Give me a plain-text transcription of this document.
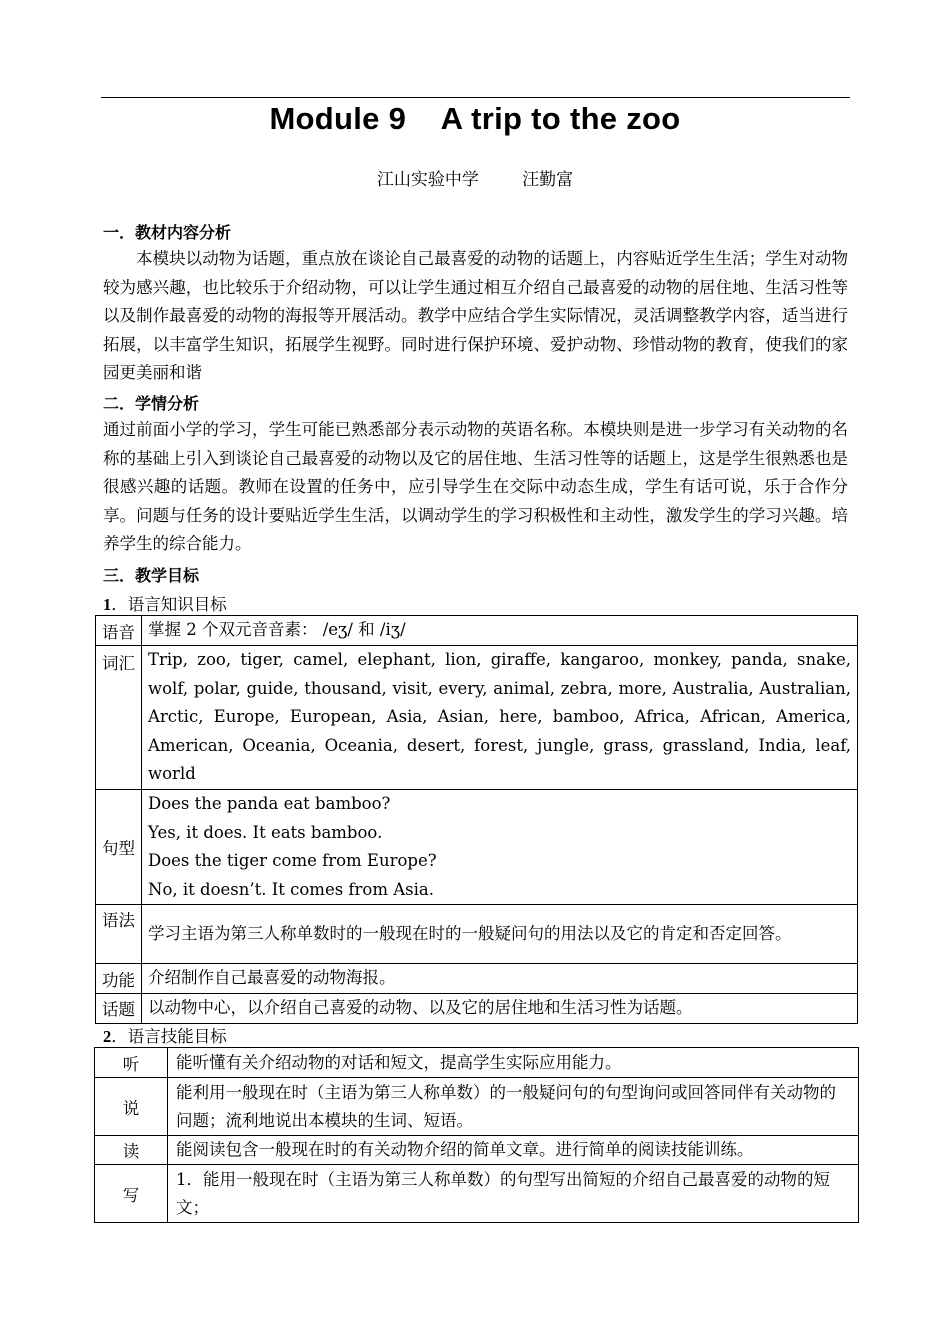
Module 9    A trip to the zoo
江山实验中学        汪勤富
一．教材内容分析
本模块以动物为话题，重点放在谈论自己最喜爱的动物的话题上，内容贴近学生生活；学生对动物较为感兴趣，也比较乐于介绍动物，可以让学生通过相互介绍自己最喜爱的动物的居住地、生活习性等以及制作最喜爱的动物的海报等开展活动。教学中应结合学生实际情况，灵活调整教学内容，适当进行拓展，以丰富学生知识，拓展学生视野。同时进行保护环境、爱护动物、珍惜动物的教育，使我们的家园更美丽和谐
二．学情分析
通过前面小学的学习，学生可能已熟悉部分表示动物的英语名称。本模块则是进一步学习有关动物的名称的基础上引入到谈论自己最喜爱的动物以及它的居住地、生活习性等的话题上，这是学生很熟悉也是很感兴趣的话题。教师在设置的任务中，应引导学生在交际中动态生成，学生有话可说，乐于合作分享。问题与任务的设计要贴近学生生活，以调动学生的学习积极性和主动性，激发学生的学习兴趣。培养学生的综合能力。
三．教学目标
1．语言知识目标
语音	掌握 2 个双元音音素： /eʒ/ 和 /iʒ/
词汇	Trip, zoo, tiger, camel, elephant, lion, giraffe, kangaroo, monkey, panda, snake, wolf, polar, guide, thousand, visit, every, animal, zebra, more, Australia, Australian, Arctic, Europe, European, Asia, Asian, here, bamboo, Africa, African, America, American, Oceania, Oceania, desert, forest, jungle, grass, grassland, India, leaf, world
句型	Does the panda eat bamboo?
Yes, it does. It eats bamboo.
Does the tiger come from Europe?
No, it doesn’t. It comes from Asia.

语法	学习主语为第三人称单数时的一般现在时的一般疑问句的用法以及它的肯定和否定回答。
功能	介绍制作自己最喜爱的动物海报。
话题	以动物中心，以介绍自己喜爱的动物、以及它的居住地和生活习性为话题。
2．语言技能目标
听	能听懂有关介绍动物的对话和短文，提高学生实际应用能力。
说	能利用一般现在时（主语为第三人称单数）的一般疑问句的句型询问或回答同伴有关动物的问题；流利地说出本模块的生词、短语。
读	能阅读包含一般现在时的有关动物介绍的简单文章。进行简单的阅读技能训练。
写	1．能用一般现在时（主语为第三人称单数）的句型写出简短的介绍自己最喜爱的动物的短文；
